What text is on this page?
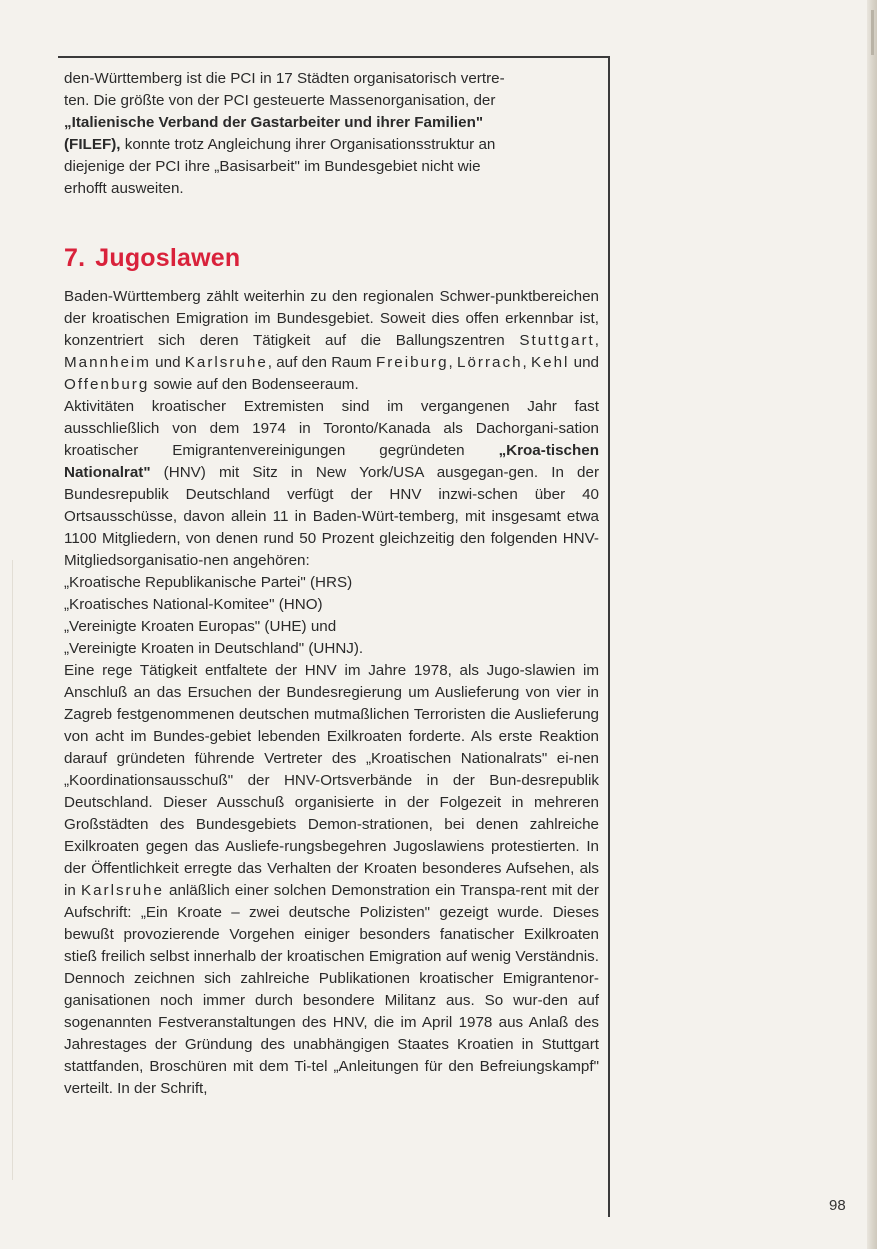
den-Württemberg ist die PCI in 17 Städten organisatorisch vertre-

ten. Die größte von der PCI gesteuerte Massenorganisation, der

„Italienische Verband der Gastarbeiter und ihrer Familien"

(FILEF), konnte trotz Angleichung ihrer Organisationsstruktur an

diejenige der PCI ihre „Basisarbeit" im Bundesgebiet nicht wie

erhofft ausweiten.

7. Jugoslawen

Baden-Württemberg zählt weiterhin zu den regionalen Schwer-punktbereichen der kroatischen Emigration im Bundesgebiet. Soweit dies offen erkennbar ist, konzentriert sich deren Tätigkeit auf die Ballungszentren Stuttgart, Mannheim und Karlsruhe, auf den Raum Freiburg, Lörrach, Kehl und Offenburg sowie auf den Bodenseeraum.

Aktivitäten kroatischer Extremisten sind im vergangenen Jahr fast ausschließlich von dem 1974 in Toronto/Kanada als Dachorgani-sation kroatischer Emigrantenvereinigungen gegründeten „Kroa-tischen Nationalrat" (HNV) mit Sitz in New York/USA ausgegan-gen. In der Bundesrepublik Deutschland verfügt der HNV inzwi-schen über 40 Ortsausschüsse, davon allein 11 in Baden-Würt-temberg, mit insgesamt etwa 1100 Mitgliedern, von denen rund 50 Prozent gleichzeitig den folgenden HNV-Mitgliedsorganisatio-nen angehören:

„Kroatische Republikanische Partei" (HRS)

„Kroatisches National-Komitee" (HNO)

„Vereinigte Kroaten Europas" (UHE) und

„Vereinigte Kroaten in Deutschland" (UHNJ).

Eine rege Tätigkeit entfaltete der HNV im Jahre 1978, als Jugo-slawien im Anschluß an das Ersuchen der Bundesregierung um Auslieferung von vier in Zagreb festgenommenen deutschen mutmaßlichen Terroristen die Auslieferung von acht im Bundes-gebiet lebenden Exilkroaten forderte. Als erste Reaktion darauf gründeten führende Vertreter des „Kroatischen Nationalrats" ei-nen „Koordinationsausschuß" der HNV-Ortsverbände in der Bun-desrepublik Deutschland. Dieser Ausschuß organisierte in der Folgezeit in mehreren Großstädten des Bundesgebiets Demon-strationen, bei denen zahlreiche Exilkroaten gegen das Ausliefe-rungsbegehren Jugoslawiens protestierten. In der Öffentlichkeit erregte das Verhalten der Kroaten besonderes Aufsehen, als in Karlsruhe anläßlich einer solchen Demonstration ein Transpa-rent mit der Aufschrift: „Ein Kroate – zwei deutsche Polizisten" gezeigt wurde. Dieses bewußt provozierende Vorgehen einiger besonders fanatischer Exilkroaten stieß freilich selbst innerhalb der kroatischen Emigration auf wenig Verständnis. Dennoch zeichnen sich zahlreiche Publikationen kroatischer Emigrantenor-ganisationen noch immer durch besondere Militanz aus. So wur-den auf sogenannten Festveranstaltungen des HNV, die im April 1978 aus Anlaß des Jahrestages der Gründung des unabhängigen Staates Kroatien in Stuttgart stattfanden, Broschüren mit dem Ti-tel „Anleitungen für den Befreiungskampf" verteilt. In der Schrift,

98
